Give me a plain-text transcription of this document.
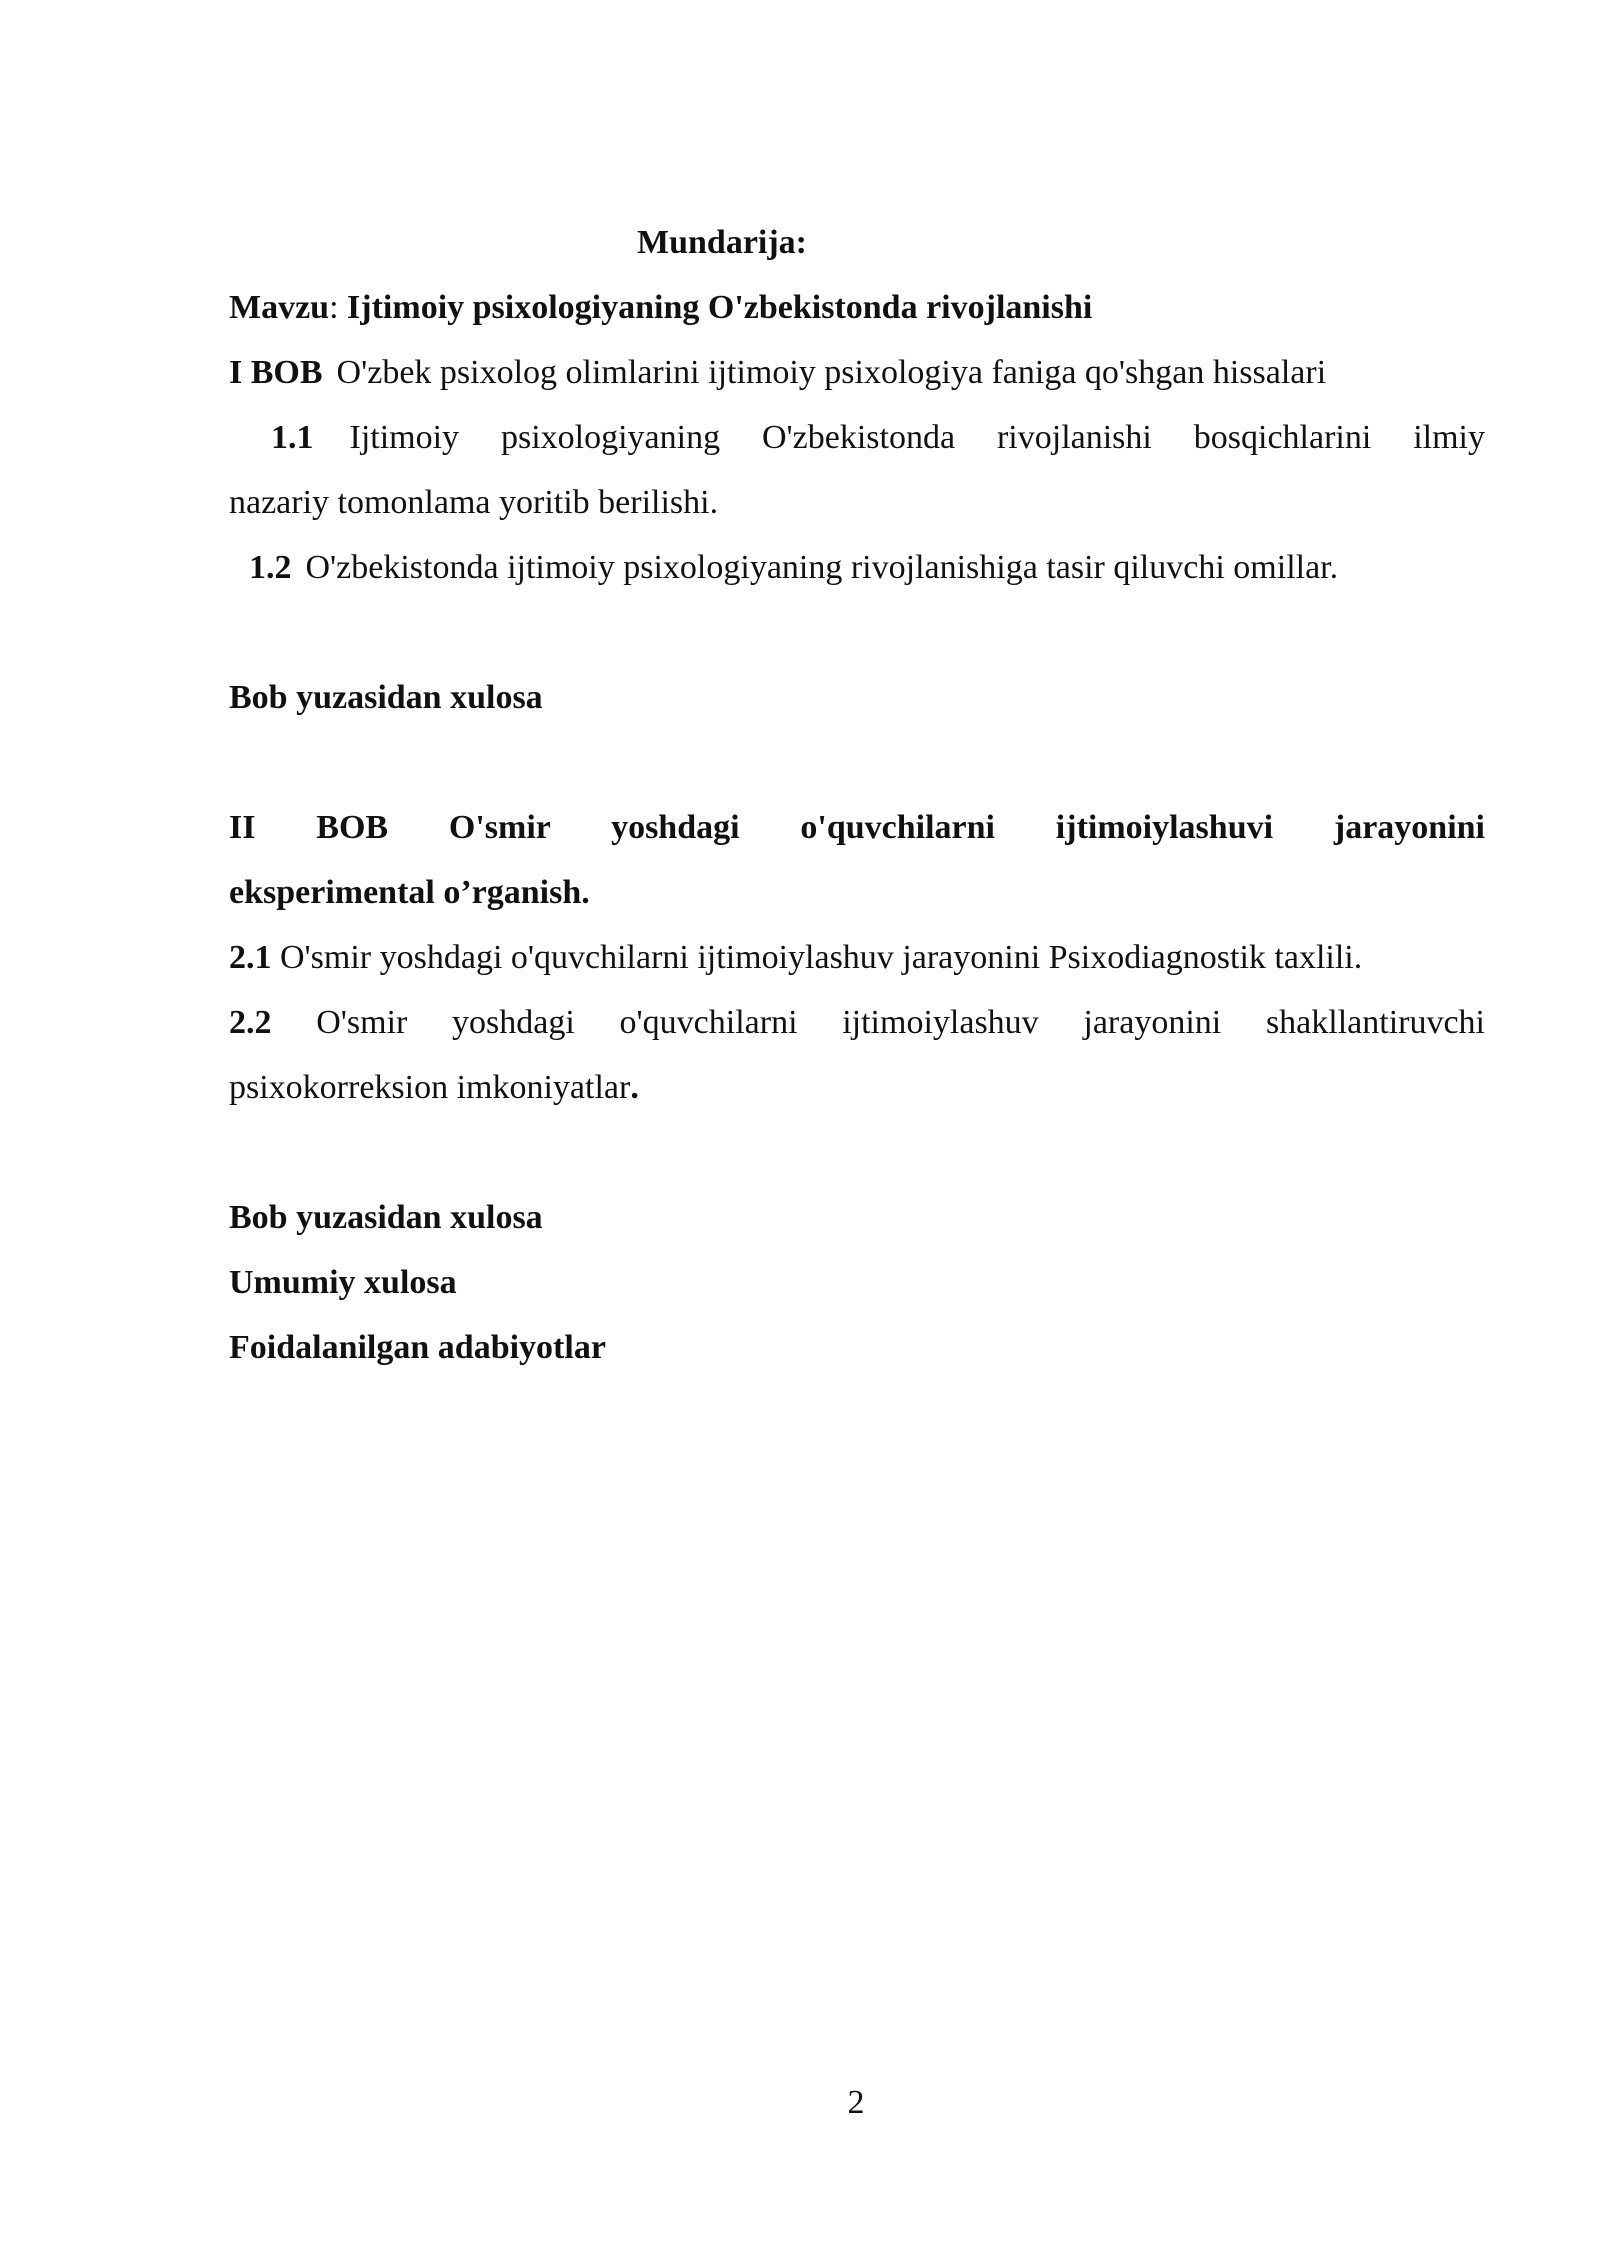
Mundarija:

Mavzu: Ijtimoiy psixologiyaning O'zbekistonda rivojlanishi

I BOB O'zbek psixolog olimlarini ijtimoiy psixologiya faniga qo'shgan hissalari

1.1 Ijtimoiy psixologiyaning O'zbekistonda rivojlanishi bosqichlarini ilmiy

nazariy tomonlama yoritib berilishi.

1.2 O'zbekistonda ijtimoiy psixologiyaning rivojlanishiga tasir qiluvchi omillar.

Bob yuzasidan xulosa

II BOB O'smir yoshdagi o'quvchilarni ijtimoiylashuvi jarayonini

eksperimental o’rganish.

2.1 O'smir yoshdagi o'quvchilarni ijtimoiylashuv jarayonini Psixodiagnostik taxlili.

2.2 O'smir yoshdagi o'quvchilarni ijtimoiylashuv jarayonini shakllantiruvchi

psixokorreksion imkoniyatlar.

Bob yuzasidan xulosa

Umumiy xulosa

Foidalanilgan adabiyotlar

2
